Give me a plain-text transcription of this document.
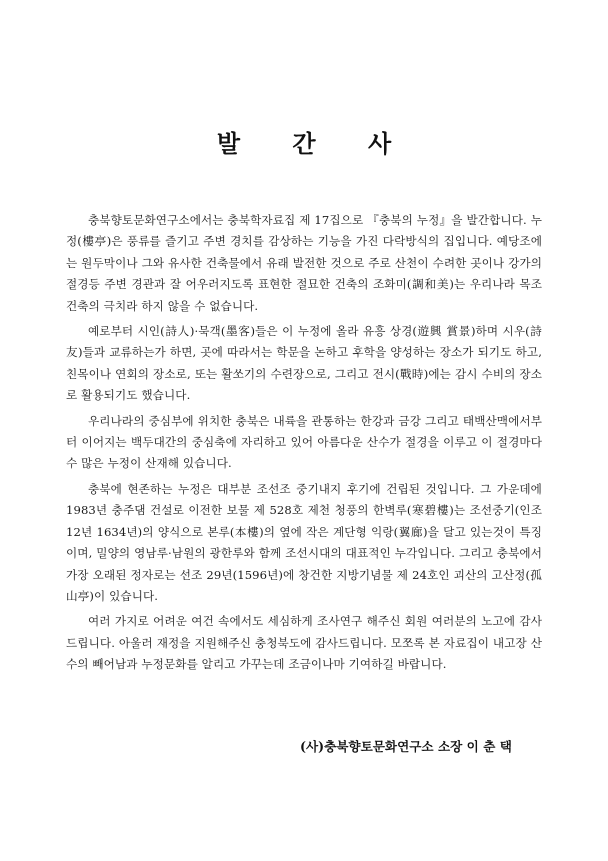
발 간 사

충북향토문화연구소에서는 충북학자료집 제 17집으로 『충북의 누정』을 발간합니다. 누정(樓亭)은 풍류를 즐기고 주변 경치를 감상하는 기능을 가진 다락방식의 집입니다. 예당조에는 원두막이나 그와 유사한 건축물에서 유래 발전한 것으로 주로 산천이 수려한 곳이나 강가의 절경등 주변 경관과 잘 어우러지도록 표현한 절묘한 건축의 조화미(調和美)는 우리나라 목조 건축의 극치라 하지 않을 수 없습니다.

예로부터 시인(詩人)·묵객(墨客)들은 이 누정에 올라 유흥 상경(遊興 賞景)하며 시우(詩友)들과 교류하는가 하면, 곳에 따라서는 학문을 논하고 후학을 양성하는 장소가 되기도 하고, 친목이나 연회의 장소로, 또는 활쏘기의 수련장으로, 그리고 전시(戰時)에는 감시 수비의 장소로 활용되기도 했습니다.

우리나라의 중심부에 위치한 충북은 내륙을 관통하는 한강과 금강 그리고 태백산맥에서부터 이어지는 백두대간의 중심축에 자리하고 있어 아름다운 산수가 절경을 이루고 이 절경마다 수 많은 누정이 산재해 있습니다.

충북에 현존하는 누정은 대부분 조선조 중기내지 후기에 건립된 것입니다. 그 가운데에 1983년 충주댐 건설로 이전한 보물 제 528호 제천 청풍의 한벽루(寒碧樓)는 조선중기(인조 12년 1634년)의 양식으로 본루(本樓)의 옆에 작은 계단형 익랑(翼廊)을 달고 있는것이 특징이며, 밀양의 영남루·남원의 광한루와 함께 조선시대의 대표적인 누각입니다. 그리고 충북에서 가장 오래된 정자로는 선조 29년(1596년)에 창건한 지방기념물 제 24호인 괴산의 고산정(孤山亭)이 있습니다.

여러 가지로 어려운 여건 속에서도 세심하게 조사연구 해주신 회원 여러분의 노고에 감사드립니다. 아울러 재정을 지원해주신 충청북도에 감사드립니다. 모쪼록 본 자료집이 내고장 산수의 빼어남과 누정문화를 알리고 가꾸는데 조금이나마 기여하길 바랍니다.

(사)충북향토문화연구소 소장 이 춘 택
